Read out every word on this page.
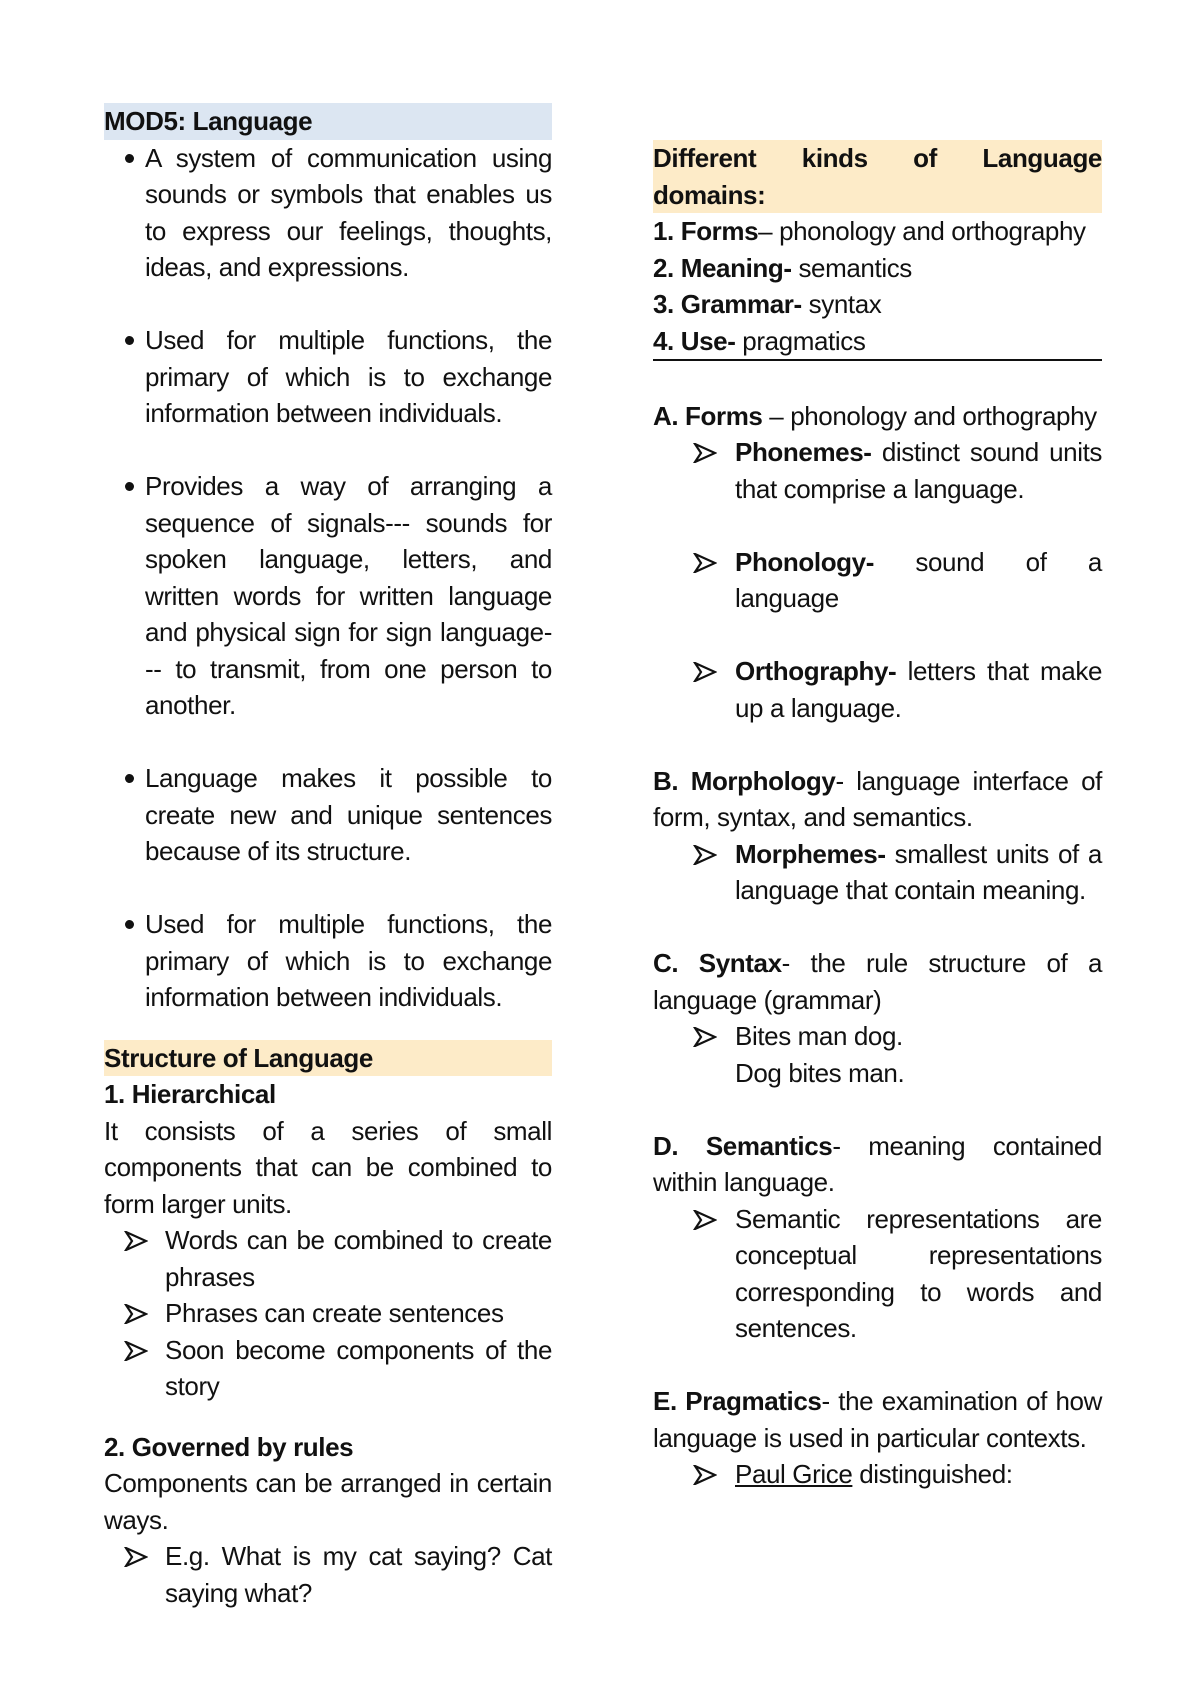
MOD5: Language
A system of communication using sounds or symbols that enables us to express our feelings, thoughts, ideas, and expressions.
Used for multiple functions, the primary of which is to exchange information between individuals.
Provides a way of arranging a sequence of signals--- sounds for spoken language, letters, and written words for written language and physical sign for sign language--- to transmit, from one person to another.
Language makes it possible to create new and unique sentences because of its structure.
Used for multiple functions, the primary of which is to exchange information between individuals.
Structure of Language
1. Hierarchical
It consists of a series of small components that can be combined to form larger units.
Words can be combined to create phrases
Phrases can create sentences
Soon become components of the story
2. Governed by rules
Components can be arranged in certain ways.
E.g. What is my cat saying? Cat saying what?
Different kinds of Language domains:
1. Forms– phonology and orthography
2. Meaning- semantics
3. Grammar- syntax
4. Use- pragmatics
A. Forms – phonology and orthography
Phonemes- distinct sound units that comprise a language.
Phonology- sound of a language
Orthography- letters that make up a language.
B. Morphology- language interface of form, syntax, and semantics.
Morphemes- smallest units of a language that contain meaning.
C. Syntax- the rule structure of a language (grammar)
Bites man dog.
Dog bites man.
D. Semantics- meaning contained within language.
Semantic representations are conceptual representations corresponding to words and sentences.
E. Pragmatics- the examination of how language is used in particular contexts.
Paul Grice distinguished:
